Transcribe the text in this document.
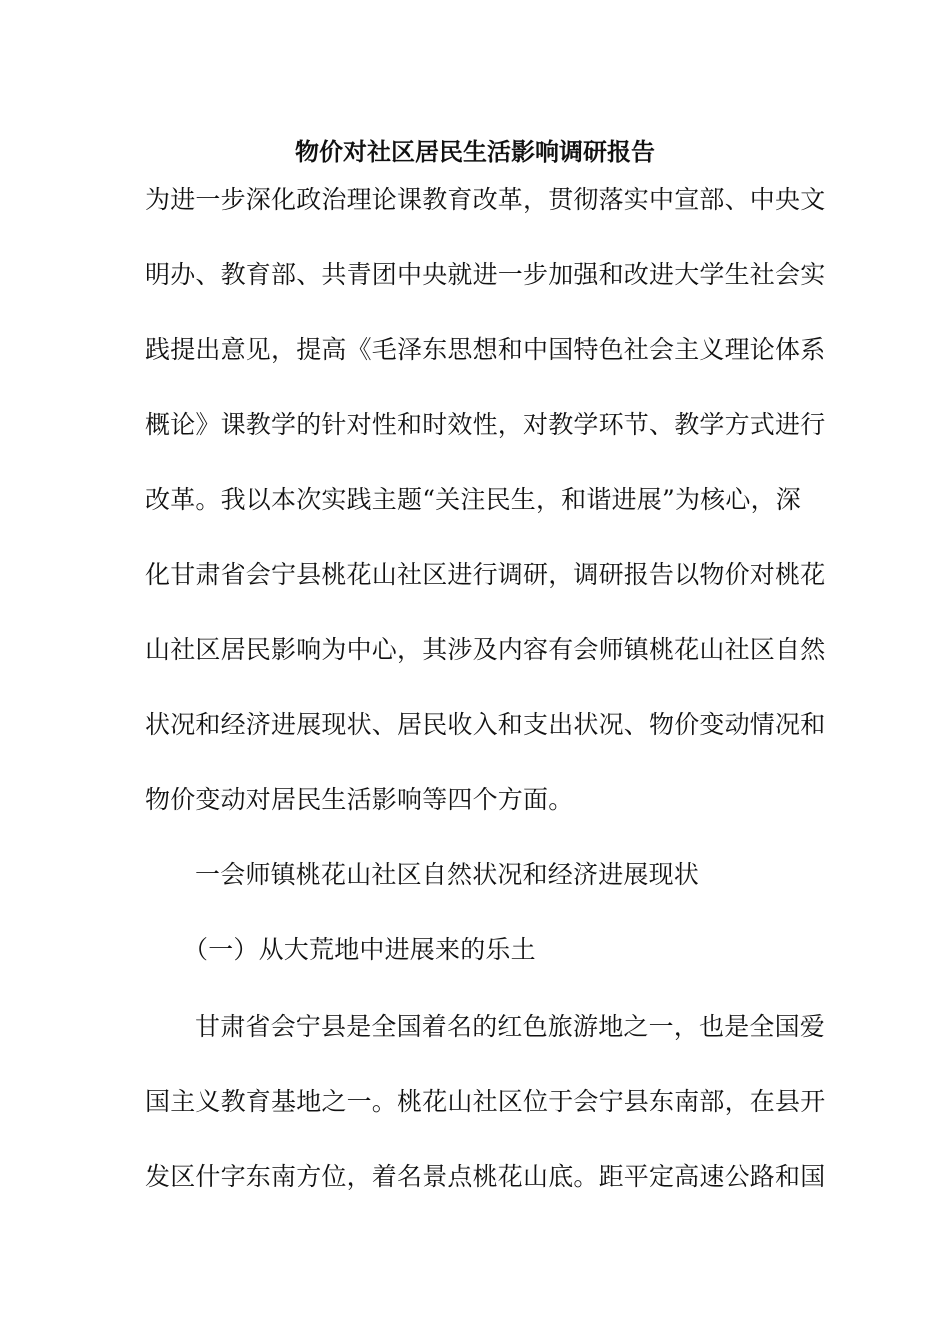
物价对社区居民生活影响调研报告
为进一步深化政治理论课教育改革，贯彻落实中宣部、中央文
明办、教育部、共青团中央就进一步加强和改进大学生社会实
践提出意见，提高《毛泽东思想和中国特色社会主义理论体系
概论》课教学的针对性和时效性，对教学环节、教学方式进行
改革。我以本次实践主题“关注民生，和谐进展”为核心，深
化甘肃省会宁县桃花山社区进行调研，调研报告以物价对桃花
山社区居民影响为中心，其涉及内容有会师镇桃花山社区自然
状况和经济进展现状、居民收入和支出状况、物价变动情况和
物价变动对居民生活影响等四个方面。
一会师镇桃花山社区自然状况和经济进展现状
（一）从大荒地中进展来的乐土
甘肃省会宁县是全国着名的红色旅游地之一，也是全国爱
国主义教育基地之一。桃花山社区位于会宁县东南部，在县开
发区什字东南方位，着名景点桃花山底。距平定高速公路和国
